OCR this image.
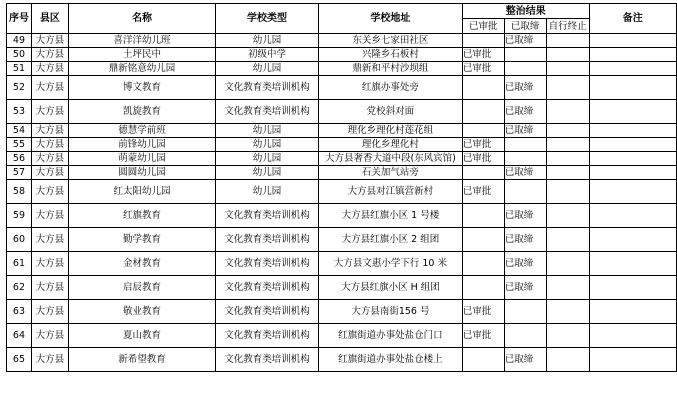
序号	县区	名称	学校类型	学校地址	整治结果			备注
					已审批	已取缔	自行终止	
49	大方县	喜洋洋幼儿班	幼儿园	东关乡七家田社区		已取缔		
50	大方县	土坪民中	初级中学	兴隆乡石板村	已审批			
51	大方县	鼎新铭意幼儿园	幼儿园	鼎新和平村沙坝组	已审批			
52	大方县	博文教育	文化教育类培训机构	红旗办事处旁		已取缔		
53	大方县	凯旋教育	文化教育类培训机构	党校斜对面		已取缔		
54	大方县	德慧学前班	幼儿园	理化乡理化村莲花组		已取缔		
55	大方县	前锋幼儿园	幼儿园	理化乡理化村	已审批			
56	大方县	萌蒙幼儿园	幼儿园	大方县奢香大道中段(东风宾馆)	已审批			
57	大方县	圆圆幼儿园	幼儿园	石关加气站旁		已取缔		
58	大方县	红太阳幼儿园	幼儿园	大方县对江镇营新村	已审批			
59	大方县	红旗教育	文化教育类培训机构	大方县红旗小区 1 号楼		已取缔		
60	大方县	勤学教育	文化教育类培训机构	大方县红旗小区 2 组团		已取缔		
61	大方县	金材教育	文化教育类培训机构	大方县文惠小学下行 10 米		已取缔		
62	大方县	启辰教育	文化教育类培训机构	大方县红旗小区 H 组团		已取缔		
63	大方县	敬业教育	文化教育类培训机构	大方县南街156 号	已审批			
64	大方县	夏山教育	文化教育类培训机构	红旗街道办事处盐仓门口	已审批			
65	大方县	新希望教育	文化教育类培训机构	红旗街道办事处盐仓楼上		已取缔		
